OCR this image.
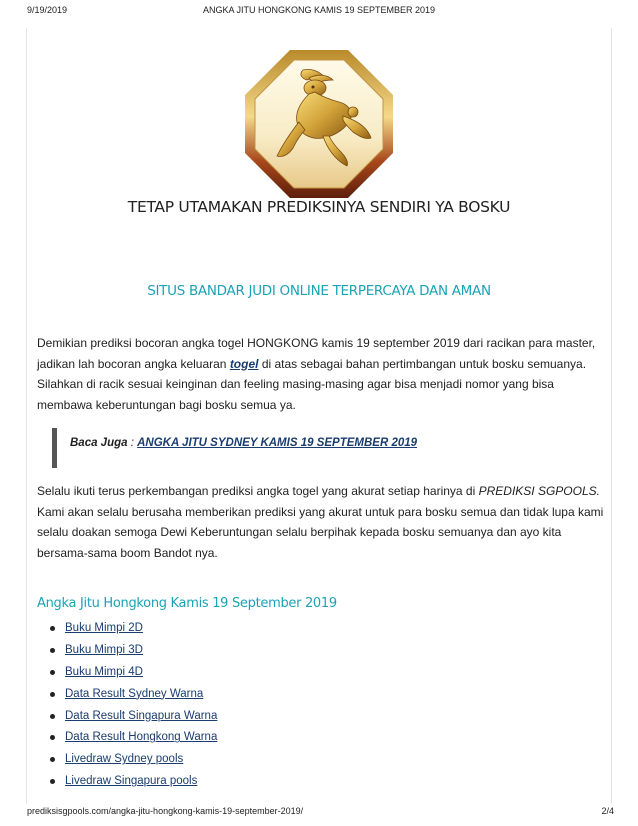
9/19/2019	ANGKA JITU HONGKONG KAMIS 19 SEPTEMBER 2019
TETAP UTAMAKAN PREDIKSINYA SENDIRI YA BOSKU
SITUS BANDAR JUDI ONLINE TERPERCAYA DAN AMAN

Demikian prediksi bocoran angka togel HONGKONG kamis 19 september 2019 dari racikan para master, jadikan lah bocoran angka keluaran togel di atas sebagai bahan pertimbangan untuk bosku semuanya.
Silahkan di racik sesuai keinginan dan feeling masing-masing agar bisa menjadi nomor yang bisa membawa keberuntungan bagi bosku semua ya.

Baca Juga : ANGKA JITU SYDNEY KAMIS 19 SEPTEMBER 2019

Selalu ikuti terus perkembangan prediksi angka togel yang akurat setiap harinya di PREDIKSI SGPOOLS. Kami akan selalu berusaha memberikan prediksi yang akurat untuk para bosku semua dan tidak lupa kami selalu doakan semoga Dewi Keberuntungan selalu berpihak kepada bosku semuanya dan ayo kita bersama-sama boom Bandot nya.

Angka Jitu Hongkong Kamis 19 September 2019
Buku Mimpi 2D
Buku Mimpi 3D
Buku Mimpi 4D
Data Result Sydney Warna
Data Result Singapura Warna
Data Result Hongkong Warna
Livedraw Sydney pools
Livedraw Singapura pools
prediksisgpools.com/angka-jitu-hongkong-kamis-19-september-2019/	2/4
